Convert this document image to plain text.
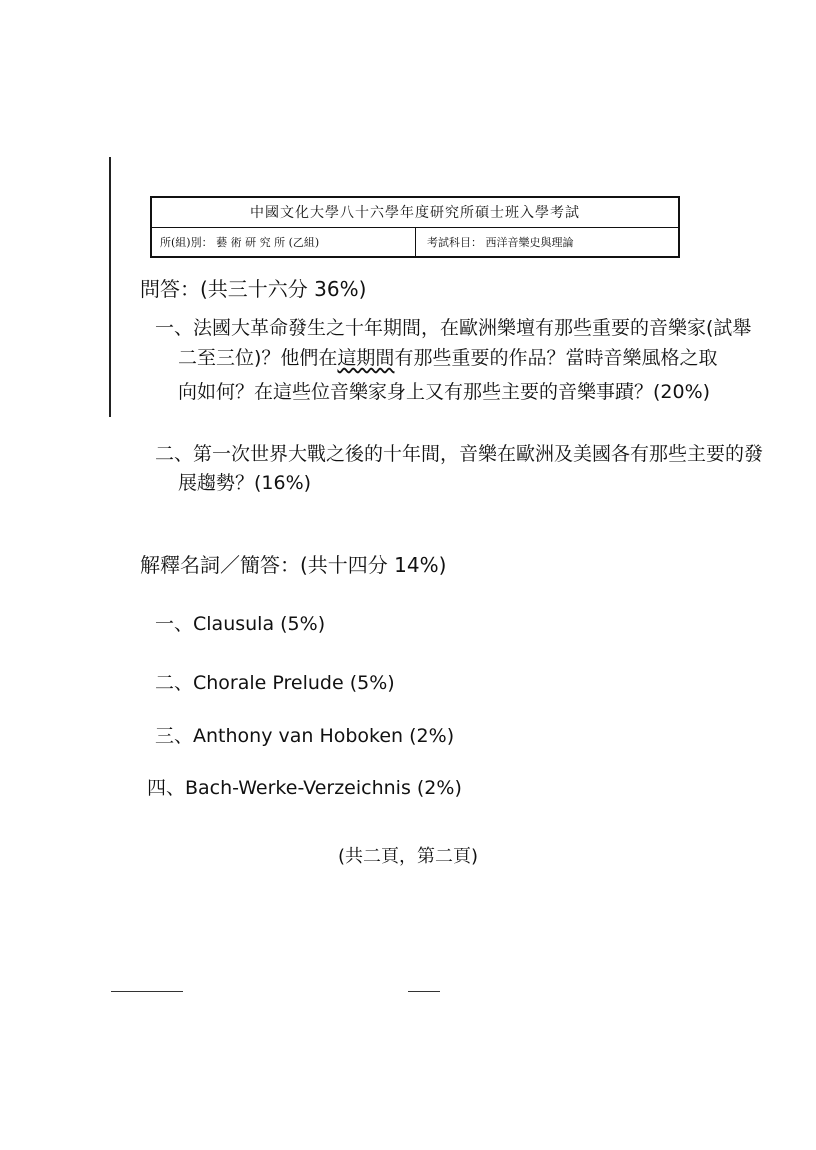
中國文化大學八十六學年度研究所碩士班入學考試
所(組)別： 藝 術 研 究 所 (乙組)	考試科目： 西洋音樂史與理論
問答：(共三十六分 36%)
一、法國大革命發生之十年期間，在歐洲樂壇有那些重要的音樂家(試舉
二至三位)？他們在這期間有那些重要的作品？當時音樂風格之取
向如何？在這些位音樂家身上又有那些主要的音樂事蹟？(20%)
二、第一次世界大戰之後的十年間，音樂在歐洲及美國各有那些主要的發
展趨勢？(16%)
解釋名詞／簡答：(共十四分 14%)
一、Clausula (5%)
二、Chorale Prelude (5%)
三、Anthony van Hoboken (2%)
四、Bach-Werke-Verzeichnis (2%)
(共二頁，第二頁)
